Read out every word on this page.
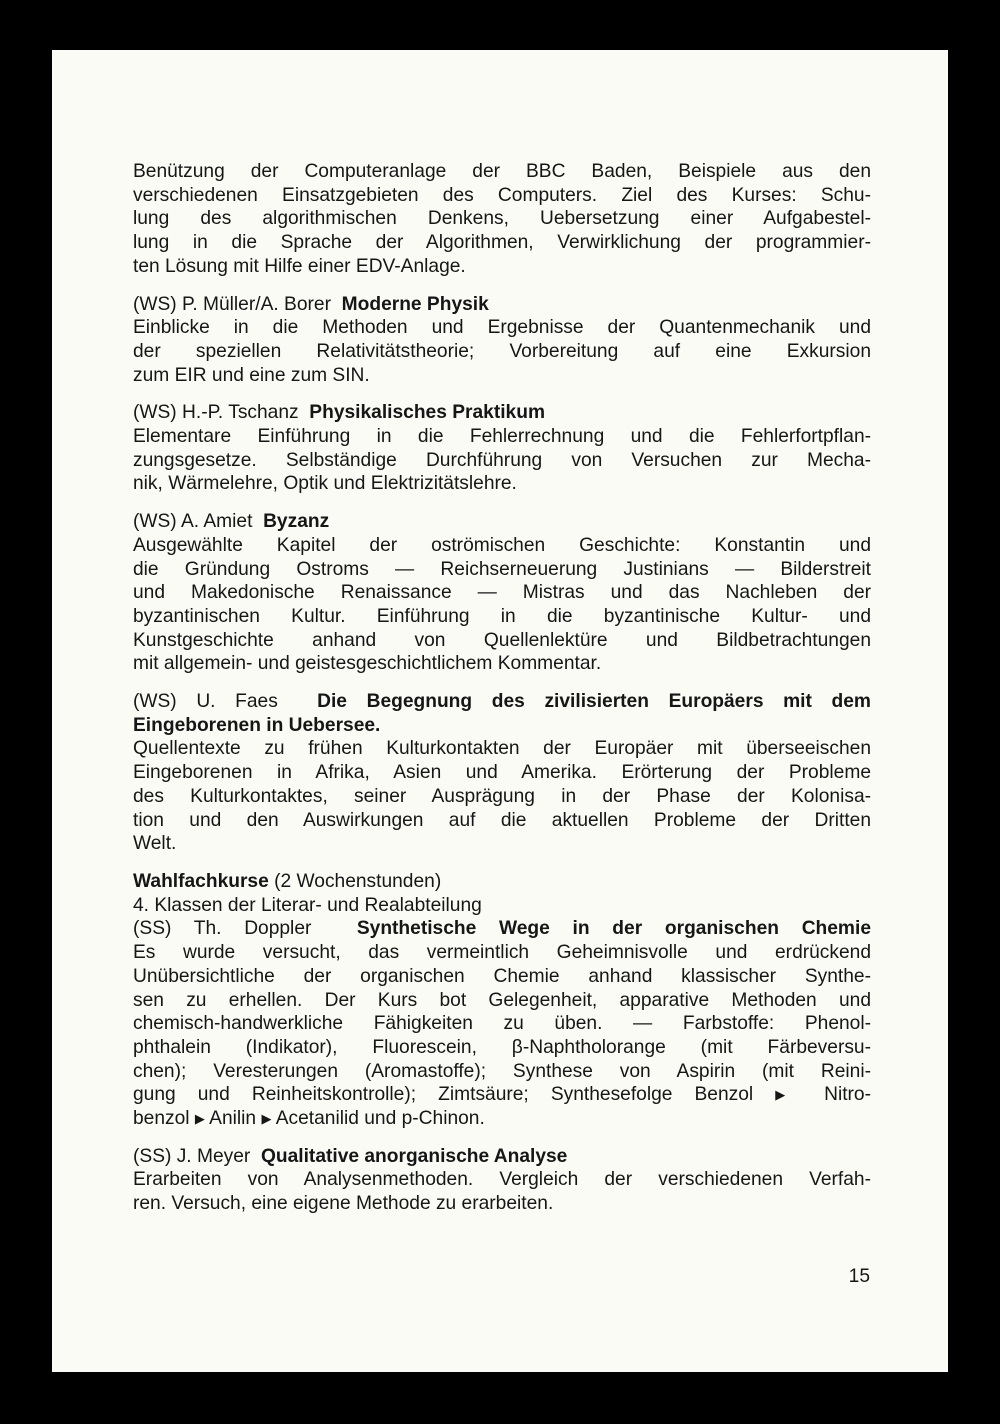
Benützung der Computeranlage der BBC Baden, Beispiele aus den
verschiedenen Einsatzgebieten des Computers. Ziel des Kurses: Schu-
lung des algorithmischen Denkens, Uebersetzung einer Aufgabestel-
lung in die Sprache der Algorithmen, Verwirklichung der programmier-
ten Lösung mit Hilfe einer EDV-Anlage.
(WS) P. Müller/A. Borer Moderne Physik
Einblicke in die Methoden und Ergebnisse der Quantenmechanik und
der speziellen Relativitätstheorie; Vorbereitung auf eine Exkursion
zum EIR und eine zum SIN.
(WS) H.-P. Tschanz Physikalisches Praktikum
Elementare Einführung in die Fehlerrechnung und die Fehlerfortpflan-
zungsgesetze. Selbständige Durchführung von Versuchen zur Mecha-
nik, Wärmelehre, Optik und Elektrizitätslehre.
(WS) A. Amiet Byzanz
Ausgewählte Kapitel der oströmischen Geschichte: Konstantin und
die Gründung Ostroms — Reichserneuerung Justinians — Bilderstreit
und Makedonische Renaissance — Mistras und das Nachleben der
byzantinischen Kultur. Einführung in die byzantinische Kultur- und
Kunstgeschichte anhand von Quellenlektüre und Bildbetrachtungen
mit allgemein- und geistesgeschichtlichem Kommentar.
(WS) U. Faes Die Begegnung des zivilisierten Europäers mit dem
Eingeborenen in Uebersee.
Quellentexte zu frühen Kulturkontakten der Europäer mit überseeischen
Eingeborenen in Afrika, Asien und Amerika. Erörterung der Probleme
des Kulturkontaktes, seiner Ausprägung in der Phase der Kolonisa-
tion und den Auswirkungen auf die aktuellen Probleme der Dritten
Welt.
Wahlfachkurse (2 Wochenstunden)
4. Klassen der Literar- und Realabteilung
(SS) Th. Doppler Synthetische Wege in der organischen Chemie
Es wurde versucht, das vermeintlich Geheimnisvolle und erdrückend
Unübersichtliche der organischen Chemie anhand klassischer Synthe-
sen zu erhellen. Der Kurs bot Gelegenheit, apparative Methoden und
chemisch-handwerkliche Fähigkeiten zu üben. — Farbstoffe: Phenol-
phthalein (Indikator), Fluorescein, β-Naphtholorange (mit Färbeversu-
chen); Veresterungen (Aromastoffe); Synthese von Aspirin (mit Reini-
gung und Reinheitskontrolle); Zimtsäure; Synthesefolge Benzol ▶ Nitro-
benzol ▶ Anilin ▶ Acetanilid und p-Chinon.
(SS) J. Meyer Qualitative anorganische Analyse
Erarbeiten von Analysenmethoden. Vergleich der verschiedenen Verfah-
ren. Versuch, eine eigene Methode zu erarbeiten.
15
